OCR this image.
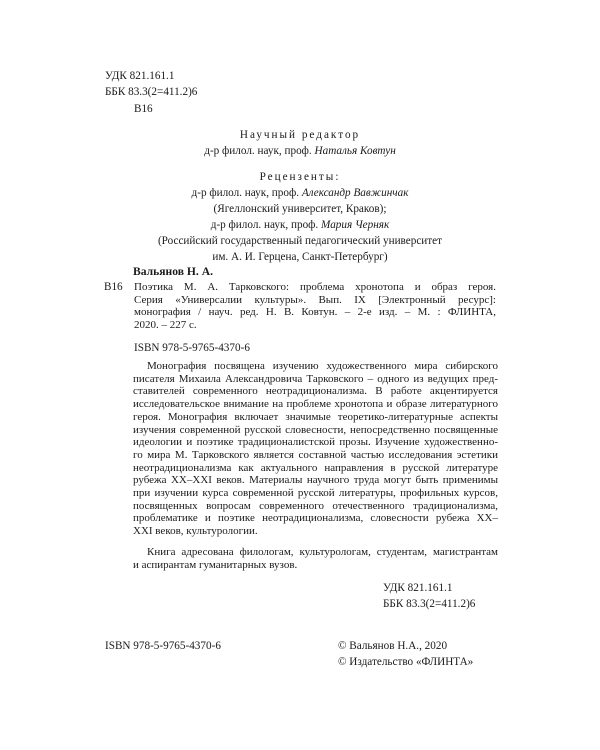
УДК 821.161.1
ББК 83.3(2=411.2)6
В16
Научный редактор
д-р филол. наук, проф. Наталья Ковтун
Рецензенты:
д-р филол. наук, проф. Александр Вавжинчак
(Ягеллонский университет, Краков);
д-р филол. наук, проф. Мария Черняк
(Российский государственный педагогический университет
им. А. И. Герцена, Санкт-Петербург)
Вальянов Н. А.
В16 Поэтика М. А. Тарковского: проблема хронотопа и образ героя.
Серия «Универсалии культуры». Вып. IX [Электронный ресурс]:
монография / науч. ред. Н. В. Ковтун. – 2-е изд. – М. : ФЛИНТА,
2020. – 227 с.
ISBN 978-5-9765-4370-6
Монография посвящена изучению художественного мира сибирского
писателя Михаила Александровича Тарковского – одного из ведущих пред-
ставителей современного неотрадиционализма. В работе акцентируется
исследовательское внимание на проблеме хронотопа и образе литературного
героя. Монография включает значимые теоретико-литературные аспекты
изучения современной русской словесности, непосредственно посвященные
идеологии и поэтике традиционалистской прозы. Изучение художественно-
го мира М. Тарковского является составной частью исследования эстетики
неотрадиционализма как актуального направления в русской литературе
рубежа XX–XXI веков. Материалы научного труда могут быть применимы
при изучении курса современной русской литературы, профильных курсов,
посвященных вопросам современного отечественного традиционализма,
проблематике и поэтике неотрадиционализма, словесности рубежа XX–
XXI веков, культурологии.
Книга адресована филологам, культурологам, студентам, магистрантам
и аспирантам гуманитарных вузов.
УДК 821.161.1
ББК 83.3(2=411.2)6
ISBN 978-5-9765-4370-6	© Вальянов Н.А., 2020
© Издательство «ФЛИНТА»
